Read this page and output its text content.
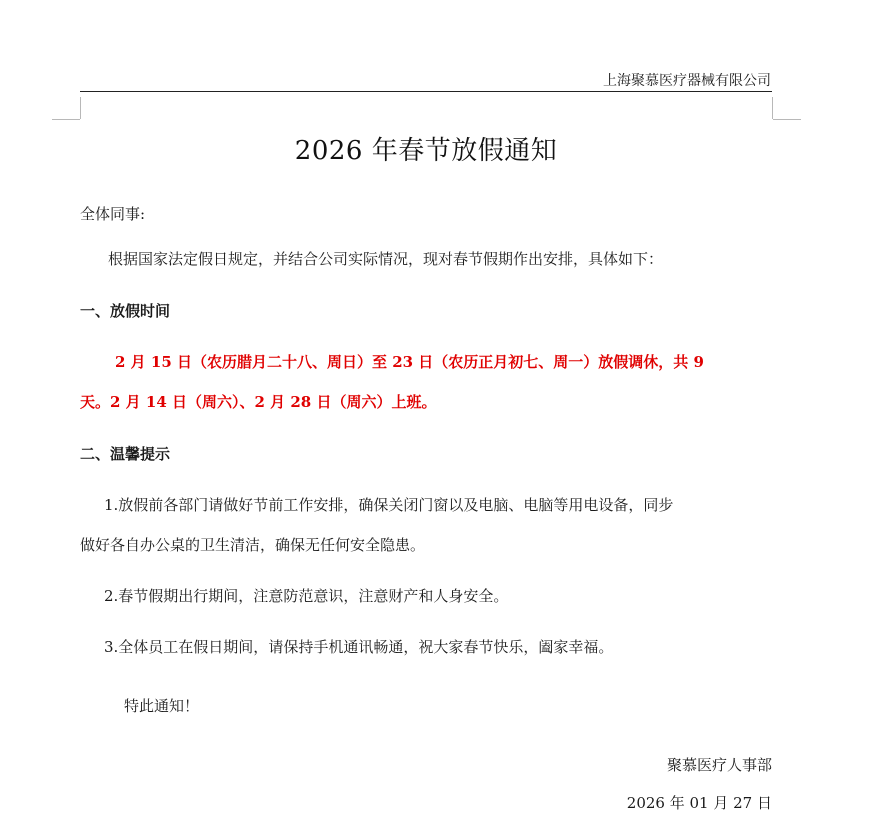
上海聚慕医疗器械有限公司
2026 年春节放假通知
全体同事:
根据国家法定假日规定，并结合公司实际情况，现对春节假期作出安排，具体如下：
一、放假时间
2 月 15 日（农历腊月二十八、周日）至 23 日（农历正月初七、周一）放假调休，共 9
天。2 月 14 日（周六）、2 月 28 日（周六）上班。
二、温馨提示
1.放假前各部门请做好节前工作安排，确保关闭门窗以及电脑、电脑等用电设备，同步
做好各自办公桌的卫生清洁，确保无任何安全隐患。
2.春节假期出行期间，注意防范意识，注意财产和人身安全。
3.全体员工在假日期间，请保持手机通讯畅通，祝大家春节快乐，阖家幸福。
特此通知！
聚慕医疗人事部
2026 年 01 月 27 日
